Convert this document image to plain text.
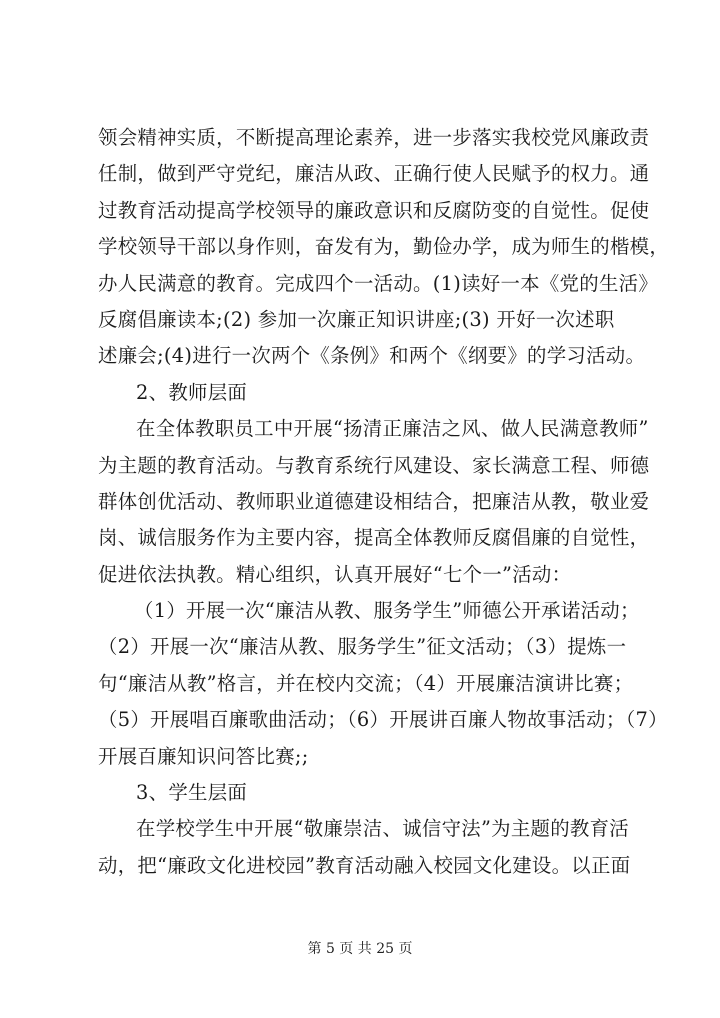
领会精神实质，不断提高理论素养，进一步落实我校党风廉政责
任制，做到严守党纪，廉洁从政、正确行使人民赋予的权力。通
过教育活动提高学校领导的廉政意识和反腐防变的自觉性。促使
学校领导干部以身作则，奋发有为，勤俭办学，成为师生的楷模，
办人民满意的教育。完成四个一活动。(1)读好一本《党的生活》
反腐倡廉读本;(2) 参加一次廉正知识讲座;(3) 开好一次述职
述廉会;(4)进行一次两个《条例》和两个《纲要》的学习活动。
2、教师层面
在全体教职员工中开展“扬清正廉洁之风、做人民满意教师”
为主题的教育活动。与教育系统行风建设、家长满意工程、师德
群体创优活动、教师职业道德建设相结合，把廉洁从教，敬业爱
岗、诚信服务作为主要内容，提高全体教师反腐倡廉的自觉性，
促进依法执教。精心组织，认真开展好“七个一”活动：
（1）开展一次“廉洁从教、服务学生”师德公开承诺活动；
（2）开展一次“廉洁从教、服务学生”征文活动；（3）提炼一
句“廉洁从教”格言，并在校内交流；（4）开展廉洁演讲比赛；
（5）开展唱百廉歌曲活动；（6）开展讲百廉人物故事活动；（7）
开展百廉知识问答比赛;;
3、学生层面
在学校学生中开展“敬廉崇洁、诚信守法”为主题的教育活
动，把“廉政文化进校园”教育活动融入校园文化建设。以正面
第 5 页 共 25 页
